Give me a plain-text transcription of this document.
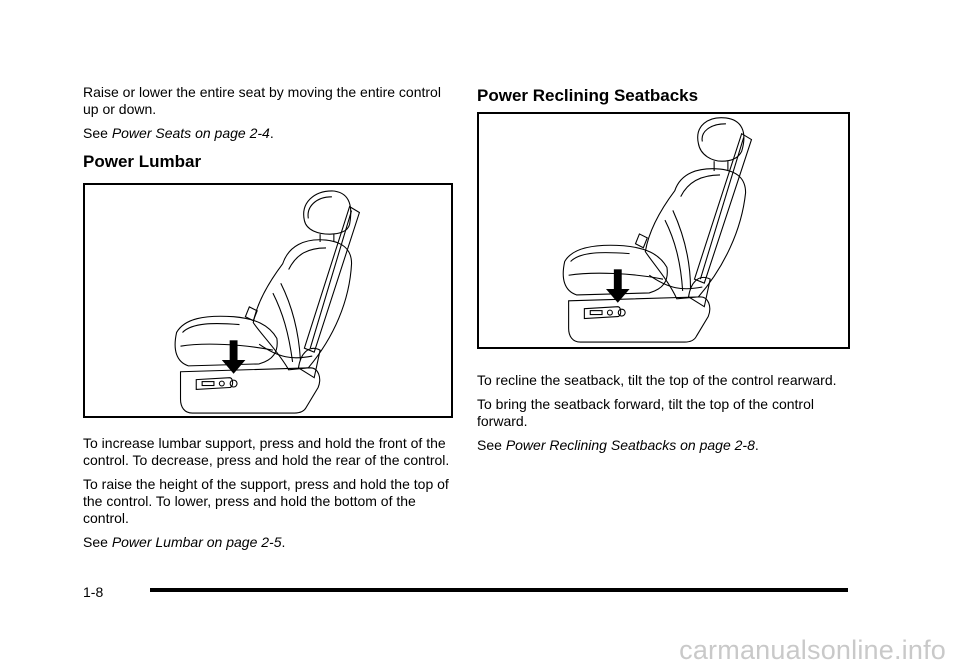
Raise or lower the entire seat by moving the entire control up or down.

See Power Seats on page 2-4.

Power Lumbar

To increase lumbar support, press and hold the front of the control. To decrease, press and hold the rear of the control.

To raise the height of the support, press and hold the top of the control. To lower, press and hold the bottom of the control.

See Power Lumbar on page 2-5.

Power Reclining Seatbacks

To recline the seatback, tilt the top of the control rearward.

To bring the seatback forward, tilt the top of the control forward.

See Power Reclining Seatbacks on page 2-8.

1-8
carmanualsonline.info
